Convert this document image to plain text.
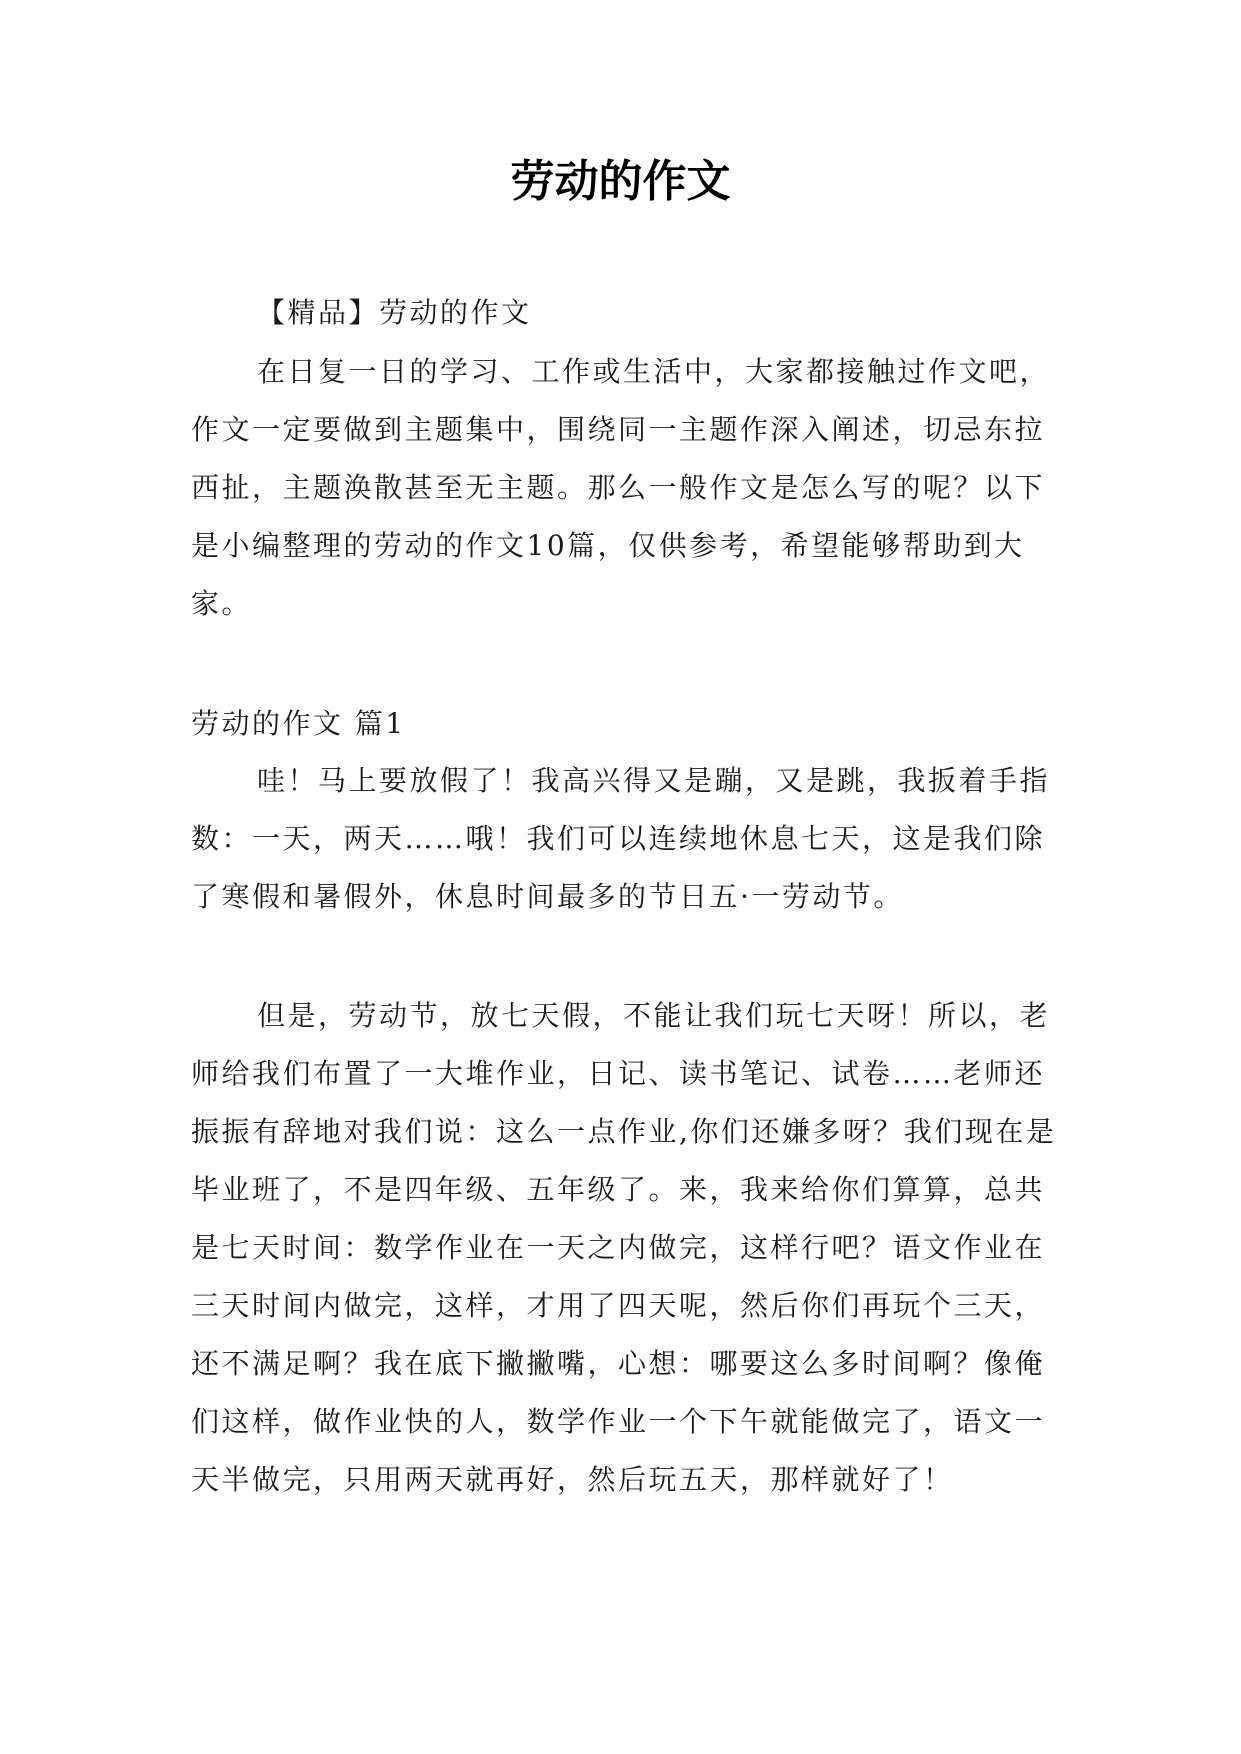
劳动的作文

【精品】劳动的作文

在日复一日的学习、工作或生活中，大家都接触过作文吧，作文一定要做到主题集中，围绕同一主题作深入阐述，切忌东拉西扯，主题涣散甚至无主题。那么一般作文是怎么写的呢？以下是小编整理的劳动的作文10篇，仅供参考，希望能够帮助到大家。

劳动的作文 篇1

哇！马上要放假了！我高兴得又是蹦，又是跳，我扳着手指数：一天，两天……哦！我们可以连续地休息七天，这是我们除了寒假和暑假外，休息时间最多的节日五·一劳动节。

但是，劳动节，放七天假，不能让我们玩七天呀！所以，老师给我们布置了一大堆作业，日记、读书笔记、试卷……老师还振振有辞地对我们说：这么一点作业,你们还嫌多呀？我们现在是毕业班了，不是四年级、五年级了。来，我来给你们算算，总共是七天时间：数学作业在一天之内做完，这样行吧？语文作业在三天时间内做完，这样，才用了四天呢，然后你们再玩个三天，还不满足啊？我在底下撇撇嘴，心想：哪要这么多时间啊？像俺们这样，做作业快的人，数学作业一个下午就能做完了，语文一天半做完，只用两天就再好，然后玩五天，那样就好了！
